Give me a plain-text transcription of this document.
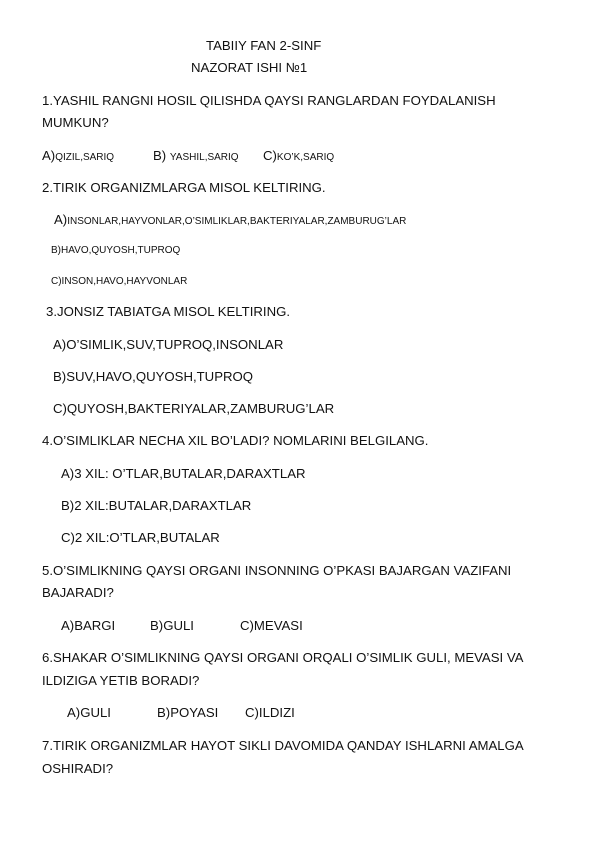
TABIIY FAN 2-SINF
NAZORAT ISHI №1
1.YASHIL RANGNI HOSIL QILISHDA QAYSI RANGLARDAN FOYDALANISH
MUMKUN?
A)QIZIL,SARIQ	B) YASHIL,SARIQ C)KO’K,SARIQ
2.TIRIK ORGANIZMLARGA MISOL KELTIRING.
A)INSONLAR,HAYVONLAR,O’SIMLIKLAR,BAKTERIYALAR,ZAMBURUG’LAR
B)HAVO,QUYOSH,TUPROQ
C)INSON,HAVO,HAYVONLAR
3.JONSIZ TABIATGA MISOL KELTIRING.
A)O’SIMLIK,SUV,TUPROQ,INSONLAR
B)SUV,HAVO,QUYOSH,TUPROQ
C)QUYOSH,BAKTERIYALAR,ZAMBURUG’LAR
4.O’SIMLIKLAR NECHA XIL BO’LADI? NOMLARINI BELGILANG.
A)3 XIL: O’TLAR,BUTALAR,DARAXTLAR
B)2 XIL:BUTALAR,DARAXTLAR
C)2 XIL:O’TLAR,BUTALAR
5.O’SIMLIKNING QAYSI ORGANI INSONNING O’PKASI BAJARGAN VAZIFANI
BAJARADI?
A)BARGI	B)GULI	C)MEVASI
6.SHAKAR O’SIMLIKNING QAYSI ORGANI ORQALI O’SIMLIK GULI, MEVASI VA
ILDIZIGA YETIB BORADI?
A)GULI	B)POYASI C)ILDIZI
7.TIRIK ORGANIZMLAR HAYOT SIKLI DAVOMIDA QANDAY ISHLARNI AMALGA
OSHIRADI?
